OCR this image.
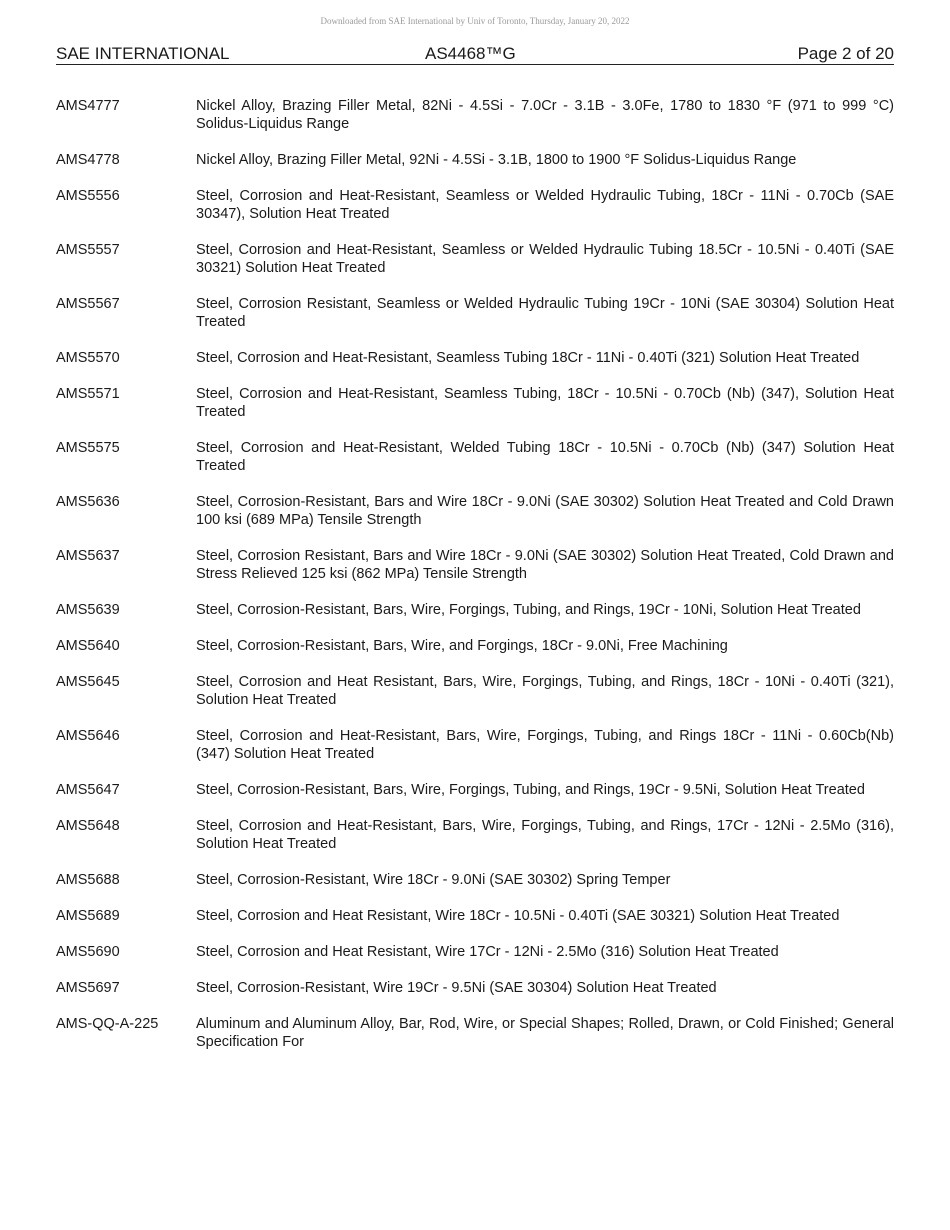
Downloaded from SAE International by Univ of Toronto, Thursday, January 20, 2022
SAE INTERNATIONAL	AS4468™G	Page 2 of 20
AMS4777	Nickel Alloy, Brazing Filler Metal, 82Ni - 4.5Si - 7.0Cr - 3.1B - 3.0Fe, 1780 to 1830 °F (971 to 999 °C) Solidus-Liquidus Range
AMS4778	Nickel Alloy, Brazing Filler Metal, 92Ni - 4.5Si - 3.1B, 1800 to 1900 °F Solidus-Liquidus Range
AMS5556	Steel, Corrosion and Heat-Resistant, Seamless or Welded Hydraulic Tubing, 18Cr - 11Ni - 0.70Cb (SAE 30347), Solution Heat Treated
AMS5557	Steel, Corrosion and Heat-Resistant, Seamless or Welded Hydraulic Tubing 18.5Cr - 10.5Ni - 0.40Ti (SAE 30321) Solution Heat Treated
AMS5567	Steel, Corrosion Resistant, Seamless or Welded Hydraulic Tubing 19Cr - 10Ni (SAE 30304) Solution Heat Treated
AMS5570	Steel, Corrosion and Heat-Resistant, Seamless Tubing 18Cr - 11Ni - 0.40Ti (321) Solution Heat Treated
AMS5571	Steel, Corrosion and Heat-Resistant, Seamless Tubing, 18Cr - 10.5Ni - 0.70Cb (Nb) (347), Solution Heat Treated
AMS5575	Steel, Corrosion and Heat-Resistant, Welded Tubing 18Cr - 10.5Ni - 0.70Cb (Nb) (347) Solution Heat Treated
AMS5636	Steel, Corrosion-Resistant, Bars and Wire 18Cr - 9.0Ni (SAE 30302) Solution Heat Treated and Cold Drawn 100 ksi (689 MPa) Tensile Strength
AMS5637	Steel, Corrosion Resistant, Bars and Wire 18Cr - 9.0Ni (SAE 30302) Solution Heat Treated, Cold Drawn and Stress Relieved 125 ksi (862 MPa) Tensile Strength
AMS5639	Steel, Corrosion-Resistant, Bars, Wire, Forgings, Tubing, and Rings, 19Cr - 10Ni, Solution Heat Treated
AMS5640	Steel, Corrosion-Resistant, Bars, Wire, and Forgings, 18Cr - 9.0Ni, Free Machining
AMS5645	Steel, Corrosion and Heat Resistant, Bars, Wire, Forgings, Tubing, and Rings, 18Cr - 10Ni - 0.40Ti (321), Solution Heat Treated
AMS5646	Steel, Corrosion and Heat-Resistant, Bars, Wire, Forgings, Tubing, and Rings 18Cr - 11Ni - 0.60Cb(Nb) (347) Solution Heat Treated
AMS5647	Steel, Corrosion-Resistant, Bars, Wire, Forgings, Tubing, and Rings, 19Cr - 9.5Ni, Solution Heat Treated
AMS5648	Steel, Corrosion and Heat-Resistant, Bars, Wire, Forgings, Tubing, and Rings, 17Cr - 12Ni - 2.5Mo (316), Solution Heat Treated
AMS5688	Steel, Corrosion-Resistant, Wire 18Cr - 9.0Ni (SAE 30302) Spring Temper
AMS5689	Steel, Corrosion and Heat Resistant, Wire 18Cr - 10.5Ni - 0.40Ti (SAE 30321) Solution Heat Treated
AMS5690	Steel, Corrosion and Heat Resistant, Wire 17Cr - 12Ni - 2.5Mo (316) Solution Heat Treated
AMS5697	Steel, Corrosion-Resistant, Wire 19Cr - 9.5Ni (SAE 30304) Solution Heat Treated
AMS-QQ-A-225	Aluminum and Aluminum Alloy, Bar, Rod, Wire, or Special Shapes; Rolled, Drawn, or Cold Finished; General Specification For
